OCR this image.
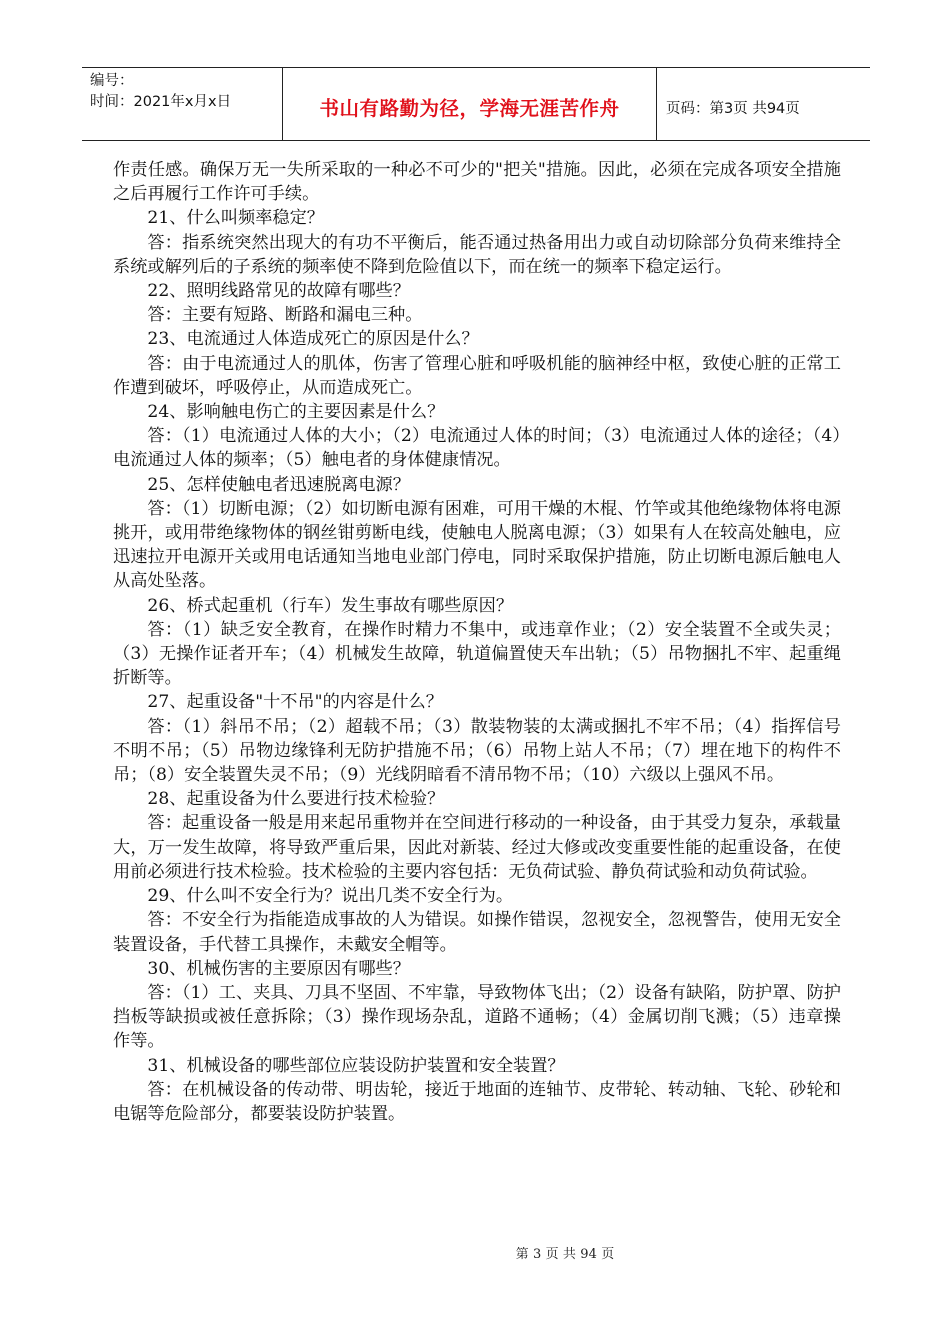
编号：
时间：2021年x月x日	书山有路勤为径，学海无涯苦作舟	页码：第3页 共94页

作责任感。确保万无一失所采取的一种必不可少的"把关"措施。因此，必须在完成各项安全措施之后再履行工作许可手续。

21、什么叫频率稳定？

答：指系统突然出现大的有功不平衡后，能否通过热备用出力或自动切除部分负荷来维持全系统或解列后的子系统的频率使不降到危险值以下，而在统一的频率下稳定运行。

22、照明线路常见的故障有哪些？

答：主要有短路、断路和漏电三种。

23、电流通过人体造成死亡的原因是什么？

答：由于电流通过人的肌体，伤害了管理心脏和呼吸机能的脑神经中枢，致使心脏的正常工作遭到破坏，呼吸停止，从而造成死亡。

24、影响触电伤亡的主要因素是什么？

答：（1）电流通过人体的大小；（2）电流通过人体的时间；（3）电流通过人体的途径；（4）电流通过人体的频率；（5）触电者的身体健康情况。

25、怎样使触电者迅速脱离电源？

答：（1）切断电源；（2）如切断电源有困难，可用干燥的木棍、竹竿或其他绝缘物体将电源挑开，或用带绝缘物体的钢丝钳剪断电线，使触电人脱离电源；（3）如果有人在较高处触电，应迅速拉开电源开关或用电话通知当地电业部门停电，同时采取保护措施，防止切断电源后触电人从高处坠落。

26、桥式起重机（行车）发生事故有哪些原因？

答：（1）缺乏安全教育，在操作时精力不集中，或违章作业；（2）安全装置不全或失灵；（3）无操作证者开车；（4）机械发生故障，轨道偏置使天车出轨；（5）吊物捆扎不牢、起重绳折断等。

27、起重设备"十不吊"的内容是什么？

答：（1）斜吊不吊；（2）超载不吊；（3）散装物装的太满或捆扎不牢不吊；（4）指挥信号不明不吊；（5）吊物边缘锋利无防护措施不吊；（6）吊物上站人不吊；（7）埋在地下的构件不吊；（8）安全装置失灵不吊；（9）光线阴暗看不清吊物不吊；（10）六级以上强风不吊。

28、起重设备为什么要进行技术检验？

答：起重设备一般是用来起吊重物并在空间进行移动的一种设备，由于其受力复杂，承载量大，万一发生故障，将导致严重后果，因此对新装、经过大修或改变重要性能的起重设备，在使用前必须进行技术检验。技术检验的主要内容包括：无负荷试验、静负荷试验和动负荷试验。

29、什么叫不安全行为？说出几类不安全行为。

答：不安全行为指能造成事故的人为错误。如操作错误，忽视安全，忽视警告，使用无安全装置设备，手代替工具操作，未戴安全帽等。

30、机械伤害的主要原因有哪些？

答：（1）工、夹具、刀具不坚固、不牢靠，导致物体飞出；（2）设备有缺陷，防护罩、防护挡板等缺损或被任意拆除；（3）操作现场杂乱，道路不通畅；（4）金属切削飞溅；（5）违章操作等。

31、机械设备的哪些部位应装设防护装置和安全装置？

答：在机械设备的传动带、明齿轮，接近于地面的连轴节、皮带轮、转动轴、飞轮、砂轮和电锯等危险部分，都要装设防护装置。

第 3 页 共 94 页
